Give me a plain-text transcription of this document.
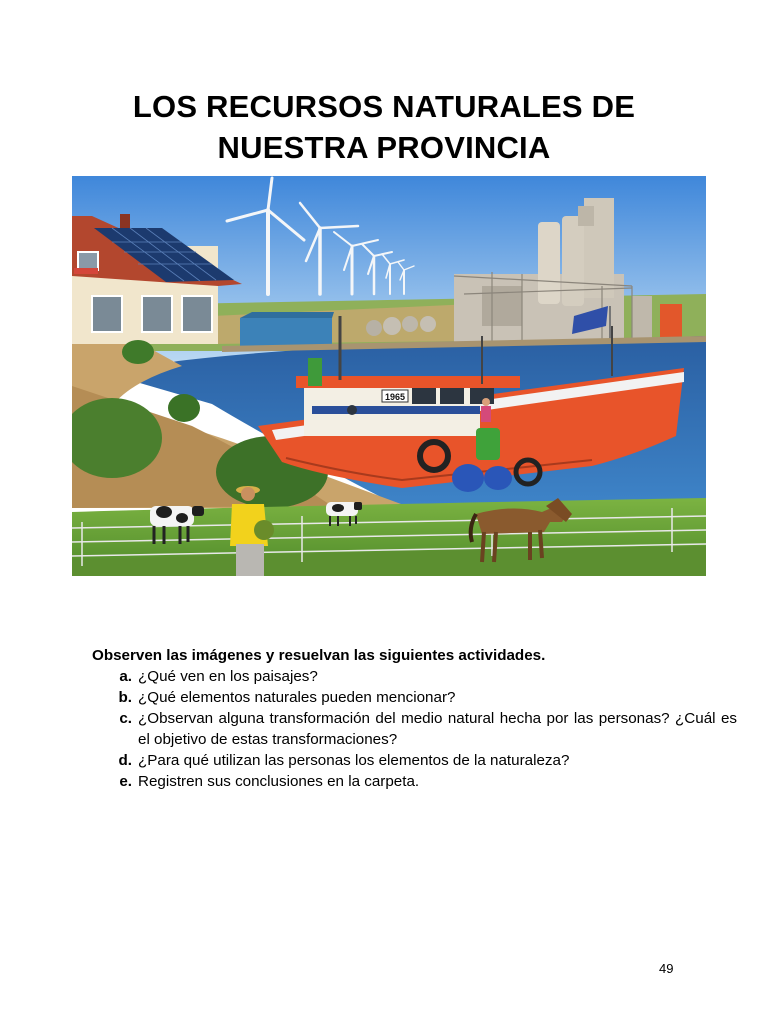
LOS RECURSOS NATURALES DE
NUESTRA PROVINCIA
1965
Observen las imágenes y resuelvan las siguientes actividades.
a. ¿Qué ven en los paisajes?
b. ¿Qué elementos naturales pueden mencionar?
c. ¿Observan alguna transformación del medio natural hecha por las personas? ¿Cuál es el objetivo de estas transformaciones?
d. ¿Para qué utilizan las personas los elementos de la naturaleza?
e. Registren sus conclusiones en la carpeta.
49
